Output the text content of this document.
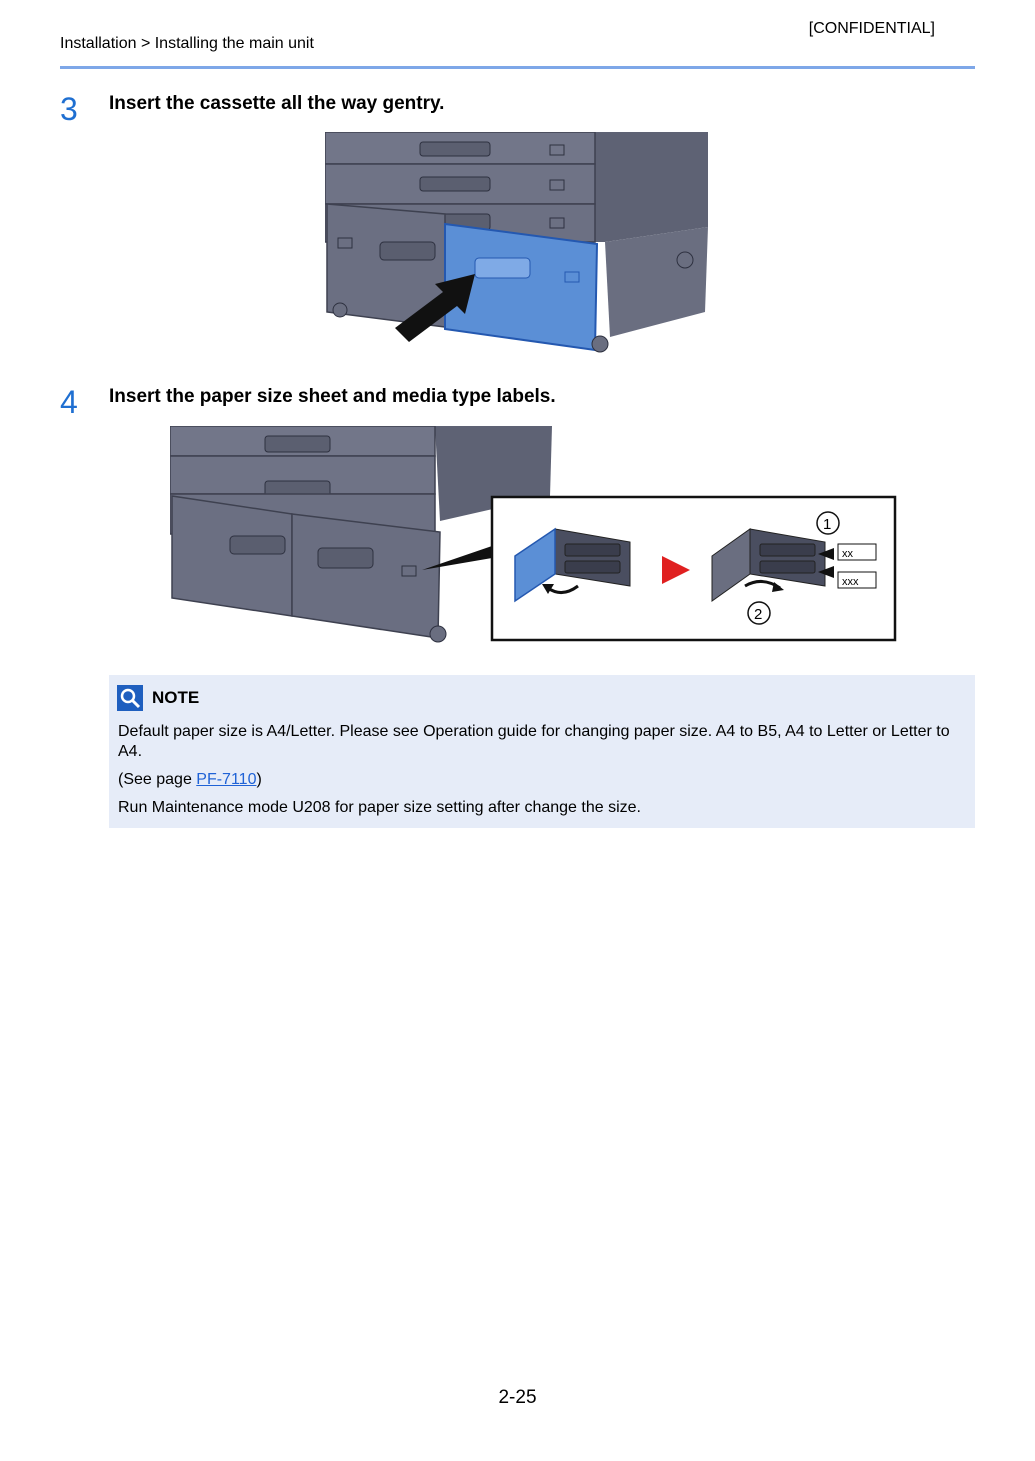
[CONFIDENTIAL]
Installation > Installing the main unit
3 Insert the cassette all the way gentry.
4 Insert the paper size sheet and media type labels.
xx
xxx
1
2
NOTE

Default paper size is A4/Letter. Please see Operation guide for changing paper size. A4 to B5, A4 to Letter or Letter to A4.

(See page PF-7110)

Run Maintenance mode U208 for paper size setting after change the size.

2-25
